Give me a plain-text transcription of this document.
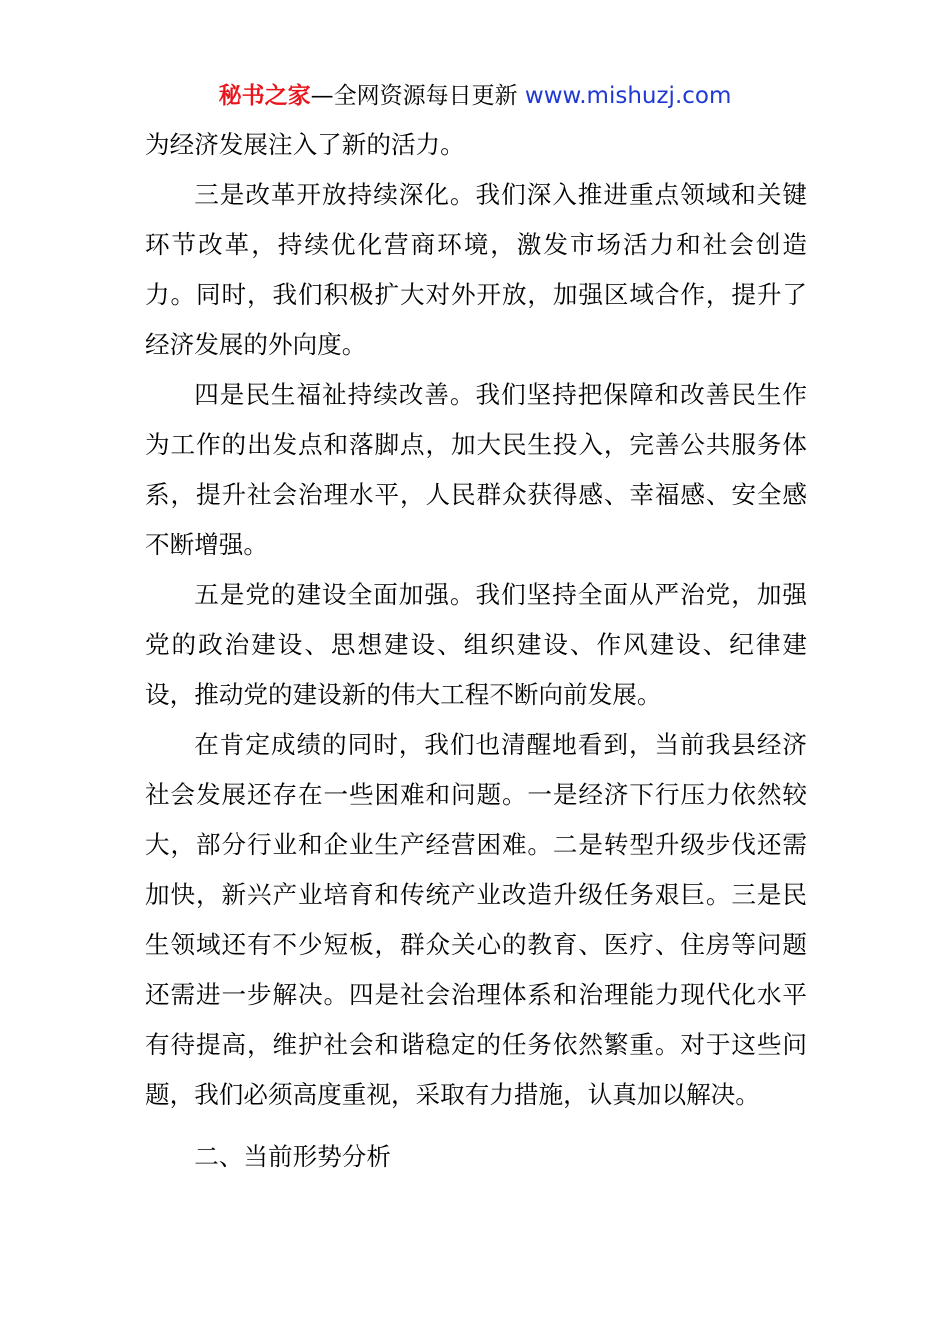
秘书之家—全网资源每日更新 www.mishuzj.com

为经济发展注入了新的活力。

三是改革开放持续深化。我们深入推进重点领域和关键环节改革，持续优化营商环境，激发市场活力和社会创造力。同时，我们积极扩大对外开放，加强区域合作，提升了经济发展的外向度。

四是民生福祉持续改善。我们坚持把保障和改善民生作为工作的出发点和落脚点，加大民生投入，完善公共服务体系，提升社会治理水平，人民群众获得感、幸福感、安全感不断增强。

五是党的建设全面加强。我们坚持全面从严治党，加强党的政治建设、思想建设、组织建设、作风建设、纪律建设，推动党的建设新的伟大工程不断向前发展。

在肯定成绩的同时，我们也清醒地看到，当前我县经济社会发展还存在一些困难和问题。一是经济下行压力依然较大，部分行业和企业生产经营困难。二是转型升级步伐还需加快，新兴产业培育和传统产业改造升级任务艰巨。三是民生领域还有不少短板，群众关心的教育、医疗、住房等问题还需进一步解决。四是社会治理体系和治理能力现代化水平有待提高，维护社会和谐稳定的任务依然繁重。对于这些问题，我们必须高度重视，采取有力措施，认真加以解决。

二、当前形势分析
